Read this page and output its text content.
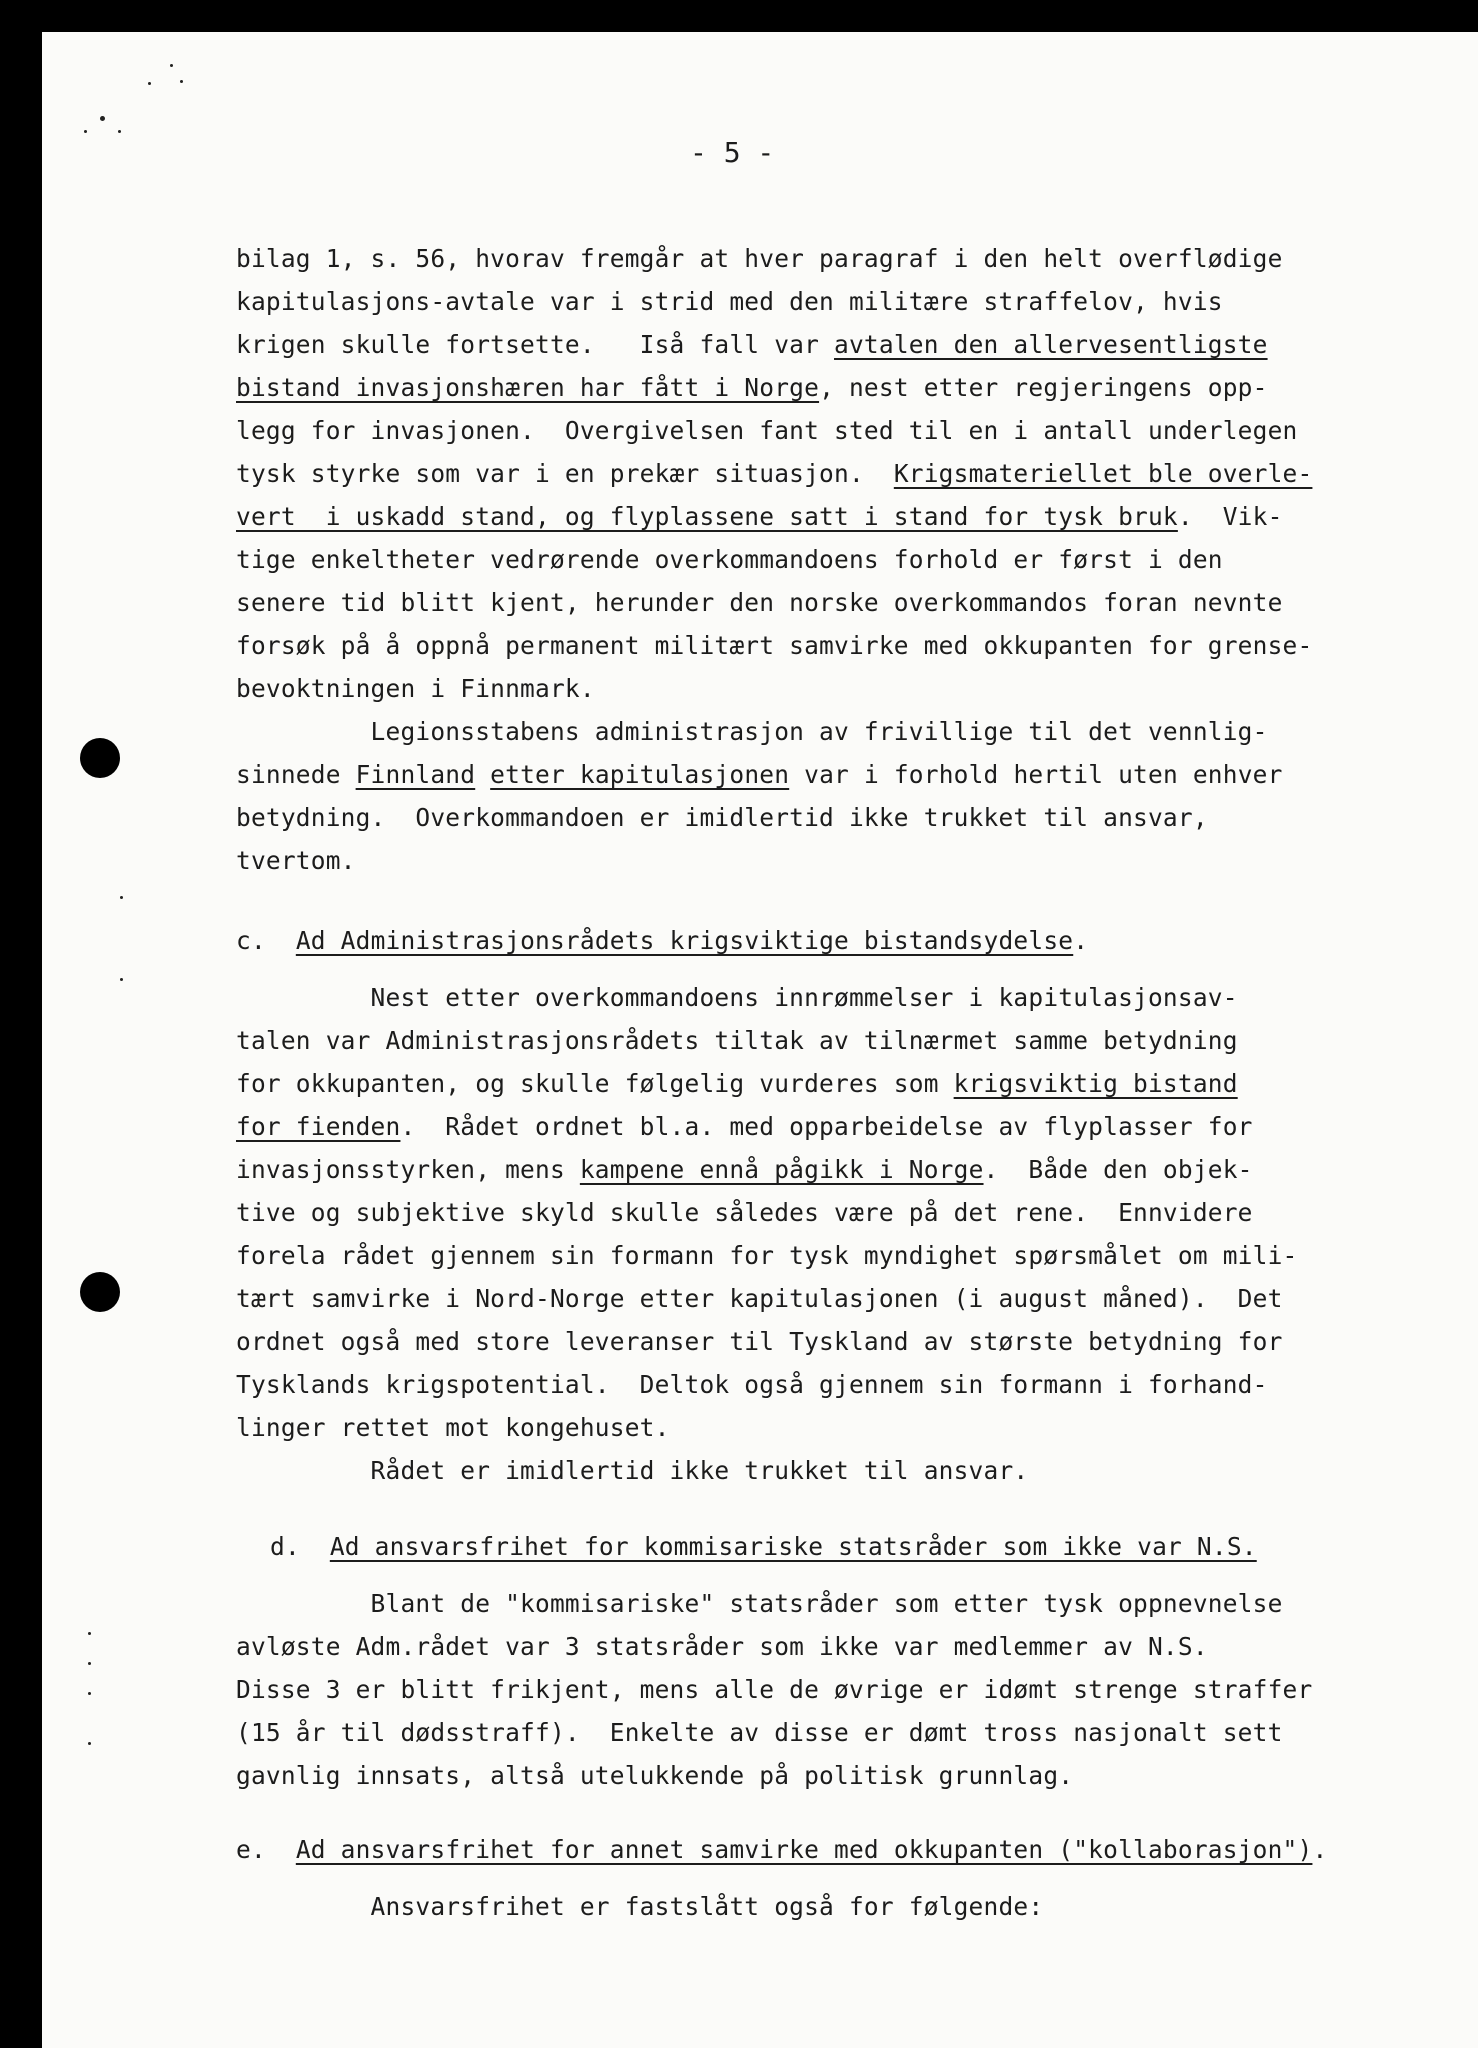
- 5 -
bilag 1, s. 56, hvorav fremgår at hver paragraf i den helt overflødige
kapitulasjons-avtale var i strid med den militære straffelov, hvis
krigen skulle fortsette.   Iså fall var avtalen den allervesentligste
bistand invasjonshæren har fått i Norge, nest etter regjeringens opp-
legg for invasjonen.  Overgivelsen fant sted til en i antall underlegen
tysk styrke som var i en prekær situasjon.  Krigsmateriellet ble overle-
vert  i uskadd stand, og flyplassene satt i stand for tysk bruk.  Vik-
tige enkeltheter vedrørende overkommandoens forhold er først i den
senere tid blitt kjent, herunder den norske overkommandos foran nevnte
forsøk på å oppnå permanent militært samvirke med okkupanten for grense-
bevoktningen i Finnmark.
Legionsstabens administrasjon av frivillige til det vennlig-
sinnede Finnland etter kapitulasjonen var i forhold hertil uten enhver
betydning.  Overkommandoen er imidlertid ikke trukket til ansvar,
tvertom.
c.  Ad Administrasjonsrådets krigsviktige bistandsydelse.
Nest etter overkommandoens innrømmelser i kapitulasjonsav-
talen var Administrasjonsrådets tiltak av tilnærmet samme betydning
for okkupanten, og skulle følgelig vurderes som krigsviktig bistand
for fienden.  Rådet ordnet bl.a. med opparbeidelse av flyplasser for
invasjonsstyrken, mens kampene ennå pågikk i Norge.  Både den objek-
tive og subjektive skyld skulle således være på det rene.  Ennvidere
forela rådet gjennem sin formann for tysk myndighet spørsmålet om mili-
tært samvirke i Nord-Norge etter kapitulasjonen (i august måned).  Det
ordnet også med store leveranser til Tyskland av største betydning for
Tysklands krigspotential.  Deltok også gjennem sin formann i forhand-
linger rettet mot kongehuset.
Rådet er imidlertid ikke trukket til ansvar.
d.  Ad ansvarsfrihet for kommisariske statsråder som ikke var N.S.
Blant de "kommisariske" statsråder som etter tysk oppnevnelse
avløste Adm.rådet var 3 statsråder som ikke var medlemmer av N.S.
Disse 3 er blitt frikjent, mens alle de øvrige er idømt strenge straffer
(15 år til dødsstraff).  Enkelte av disse er dømt tross nasjonalt sett
gavnlig innsats, altså utelukkende på politisk grunnlag.
e.  Ad ansvarsfrihet for annet samvirke med okkupanten ("kollaborasjon").
Ansvarsfrihet er fastslått også for følgende:
